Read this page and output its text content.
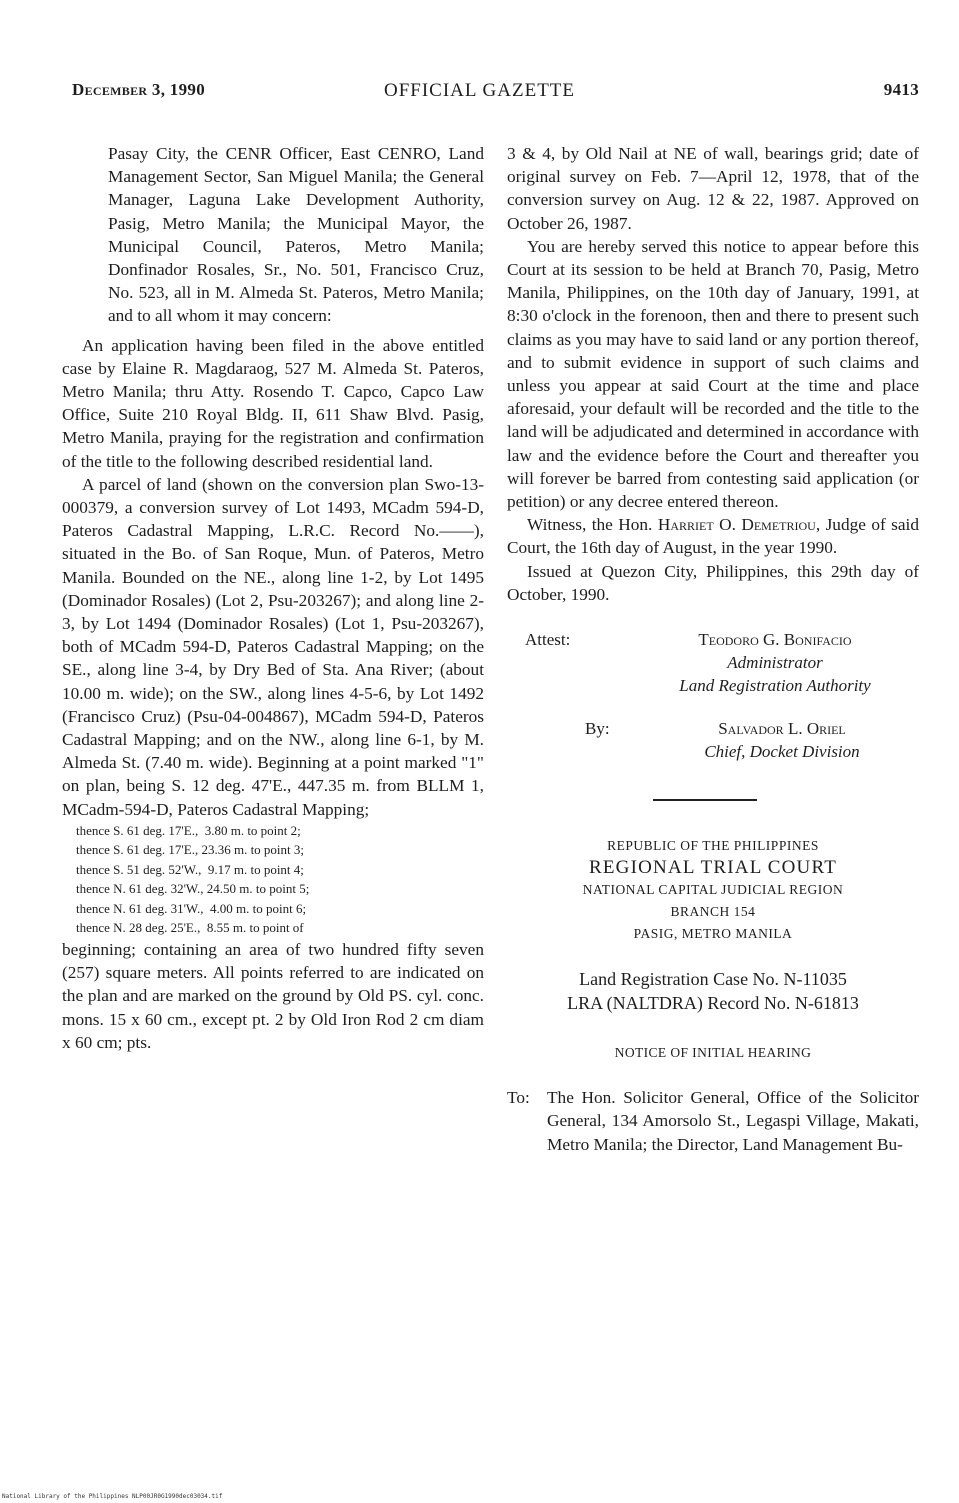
December 3, 1990	OFFICIAL GAZETTE	9413

Pasay City, the CENR Officer, East CENRO, Land Management Sector, San Miguel Manila; the General Manager, Laguna Lake Development Authority, Pasig, Metro Manila; the Municipal Mayor, the Municipal Council, Pateros, Metro Manila; Donfinador Rosales, Sr., No. 501, Francisco Cruz, No. 523, all in M. Almeda St. Pateros, Metro Manila; and to all whom it may concern:

An application having been filed in the above entitled case by Elaine R. Magdaraog, 527 M. Almeda St. Pateros, Metro Manila; thru Atty. Rosendo T. Capco, Capco Law Office, Suite 210 Royal Bldg. II, 611 Shaw Blvd. Pasig, Metro Manila, praying for the registration and confirmation of the title to the following described residential land.

A parcel of land (shown on the conversion plan Swo-13-000379, a conversion survey of Lot 1493, MCadm 594-D, Pateros Cadastral Mapping, L.R.C. Record No.——), situated in the Bo. of San Roque, Mun. of Pateros, Metro Manila. Bounded on the NE., along line 1-2, by Lot 1495 (Dominador Rosales) (Lot 2, Psu-203267); and along line 2-3, by Lot 1494 (Dominador Rosales) (Lot 1, Psu-203267), both of MCadm 594-D, Pateros Cadastral Mapping; on the SE., along line 3-4, by Dry Bed of Sta. Ana River; (about 10.00 m. wide); on the SW., along lines 4-5-6, by Lot 1492 (Francisco Cruz) (Psu-04-004867), MCadm 594-D, Pateros Cadastral Mapping; and on the NW., along line 6-1, by M. Almeda St. (7.40 m. wide). Beginning at a point marked "1" on plan, being S. 12 deg. 47'E., 447.35 m. from BLLM 1, MCadm-594-D, Pateros Cadastral Mapping;

thence S. 61 deg. 17'E.,  3.80 m. to point 2;
thence S. 61 deg. 17'E., 23.36 m. to point 3;
thence S. 51 deg. 52'W.,  9.17 m. to point 4;
thence N. 61 deg. 32'W., 24.50 m. to point 5;
thence N. 61 deg. 31'W.,  4.00 m. to point 6;
thence N. 28 deg. 25'E.,  8.55 m. to point of

beginning; containing an area of two hundred fifty seven (257) square meters. All points referred to are indicated on the plan and are marked on the ground by Old PS. cyl. conc. mons. 15 x 60 cm., except pt. 2 by Old Iron Rod 2 cm diam x 60 cm; pts.

3 & 4, by Old Nail at NE of wall, bearings grid; date of original survey on Feb. 7—April 12, 1978, that of the conversion survey on Aug. 12 & 22, 1987. Approved on October 26, 1987.

You are hereby served this notice to appear before this Court at its session to be held at Branch 70, Pasig, Metro Manila, Philippines, on the 10th day of January, 1991, at 8:30 o'clock in the forenoon, then and there to present such claims as you may have to said land or any portion thereof, and to submit evidence in support of such claims and unless you appear at said Court at the time and place aforesaid, your default will be recorded and the title to the land will be adjudicated and determined in accordance with law and the evidence before the Court and thereafter you will forever be barred from contesting said application (or petition) or any decree entered thereon.

Witness, the Hon. Harriet O. Demetriou, Judge of said Court, the 16th day of August, in the year 1990.

Issued at Quezon City, Philippines, this 29th day of October, 1990.

Attest:	Teodoro G. Bonifacio
Administrator
Land Registration Authority
By:	Salvador L. Oriel
Chief, Docket Division
REPUBLIC OF THE PHILIPPINES
REGIONAL TRIAL COURT
NATIONAL CAPITAL JUDICIAL REGION
BRANCH 154
PASIG, METRO MANILA
Land Registration Case No. N-11035
LRA (NALTDRA) Record No. N-61813
NOTICE OF INITIAL HEARING
To: The Hon. Solicitor General, Office of the Solicitor General, 134 Amorsolo St., Legaspi Village, Makati, Metro Manila; the Director, Land Management Bu-
National Library of the Philippines NLP00JR0G1990dec03034.tif
